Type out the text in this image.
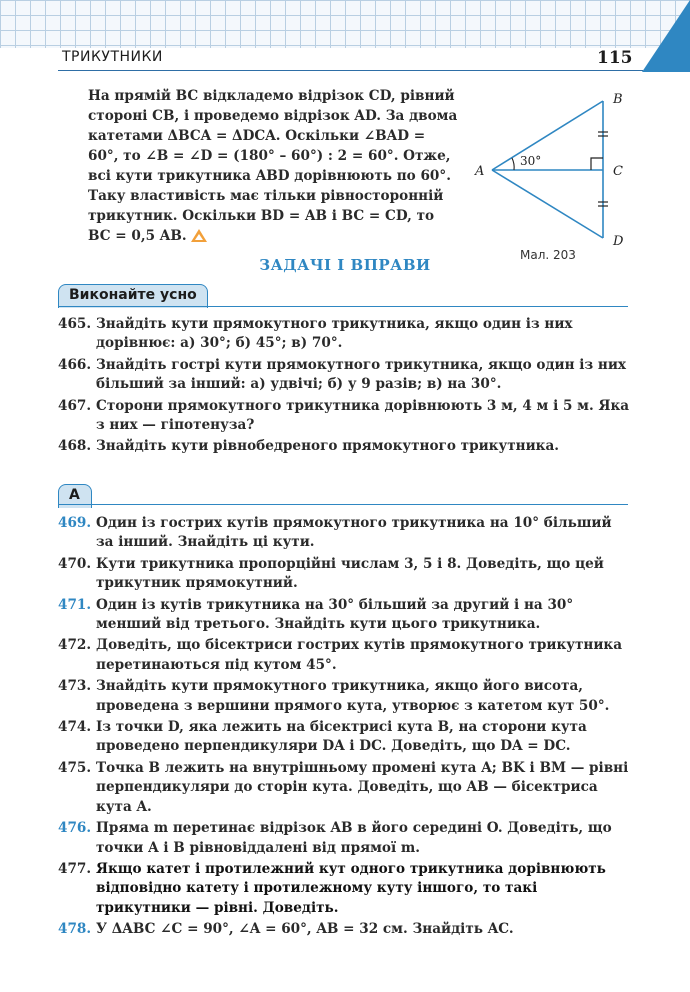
ТРИКУТНИКИ	115
На прямій BC відкладемо відрізок CD, рівний стороні CB, і проведемо відрізок AD. За двома катетами ΔBCA = ΔDCA. Оскільки ∠BAD = 60°, то ∠B = ∠D = (180° – 60°) : 2 = 60°. Отже, всі кути трикутника ABD дорівнюють по 60°. Таку властивість має тільки рівносторонній трикутник. Оскільки BD = AB і BC = CD, то BC = 0,5 AB.
30°
A
B
C
D
Мал. 203
ЗАДАЧІ І ВПРАВИ
Виконайте усно
465. Знайдіть кути прямокутного трикутника, якщо один із них дорівнює: а) 30°; б) 45°; в) 70°.
466. Знайдіть гострі кути прямокутного трикутника, якщо один із них більший за інший: а) удвічі; б) у 9 разів; в) на 30°.
467. Сторони прямокутного трикутника дорівнюють 3 м, 4 м і 5 м. Яка з них — гіпотенуза?
468. Знайдіть кути рівнобедреного прямокутного трикутника.
А
469. Один із гострих кутів прямокутного трикутника на 10° більший за інший. Знайдіть ці кути.
470. Кути трикутника пропорційні числам 3, 5 і 8. Доведіть, що цей трикутник прямокутний.
471. Один із кутів трикутника на 30° більший за другий і на 30° менший від третього. Знайдіть кути цього трикутника.
472. Доведіть, що бісектриси гострих кутів прямокутного трикутника перетинаються під кутом 45°.
473. Знайдіть кути прямокутного трикутника, якщо його висота, проведена з вершини прямого кута, утворює з катетом кут 50°.
474. Із точки D, яка лежить на бісектрисі кута B, на сторони кута проведено перпендикуляри DA і DC. Доведіть, що DA = DC.
475. Точка B лежить на внутрішньому промені кута A; BK і BM — рівні перпендикуляри до сторін кута. Доведіть, що AB — бісектриса кута A.
476. Пряма m перетинає відрізок AB в його середині O. Доведіть, що точки A і B рівновіддалені від прямої m.
477. Якщо катет і протилежний кут одного трикутника дорівнюють відповідно катету і протилежному куту іншого, то такі трикутники — рівні. Доведіть.
478. У ΔABC ∠C = 90°, ∠A = 60°, AB = 32 см. Знайдіть AC.
